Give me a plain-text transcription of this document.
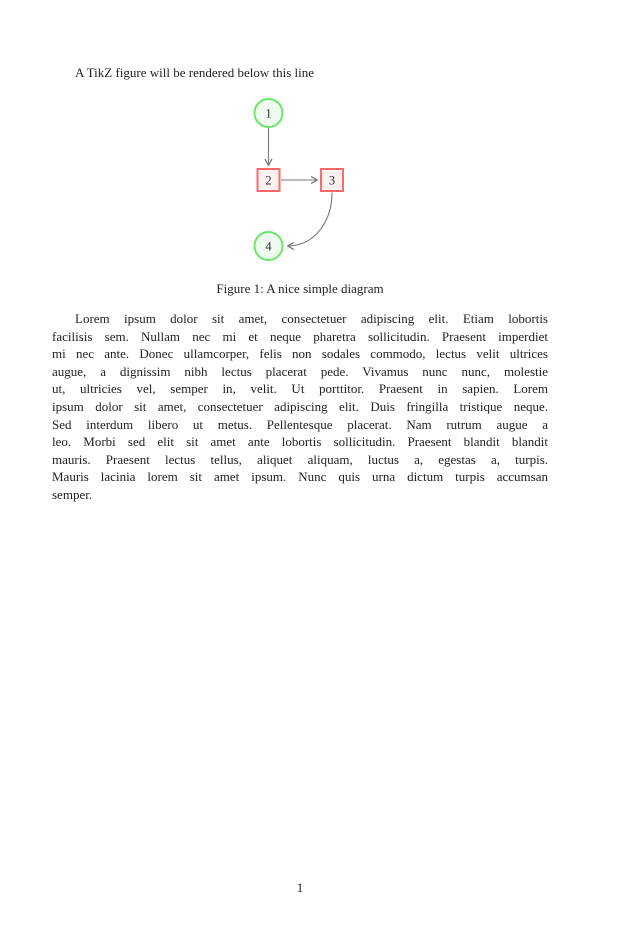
A TikZ figure will be rendered below this line
1
2	3
4
Figure 1: A nice simple diagram
Lorem ipsum dolor sit amet, consectetuer adipiscing elit. Etiam lobortis
facilisis sem. Nullam nec mi et neque pharetra sollicitudin. Praesent imperdiet
mi nec ante. Donec ullamcorper, felis non sodales commodo, lectus velit ultrices
augue, a dignissim nibh lectus placerat pede. Vivamus nunc nunc, molestie
ut, ultricies vel, semper in, velit. Ut porttitor. Praesent in sapien. Lorem
ipsum dolor sit amet, consectetuer adipiscing elit. Duis fringilla tristique neque.
Sed interdum libero ut metus. Pellentesque placerat. Nam rutrum augue a
leo. Morbi sed elit sit amet ante lobortis sollicitudin. Praesent blandit blandit
mauris. Praesent lectus tellus, aliquet aliquam, luctus a, egestas a, turpis.
Mauris lacinia lorem sit amet ipsum. Nunc quis urna dictum turpis accumsan
semper.
1
